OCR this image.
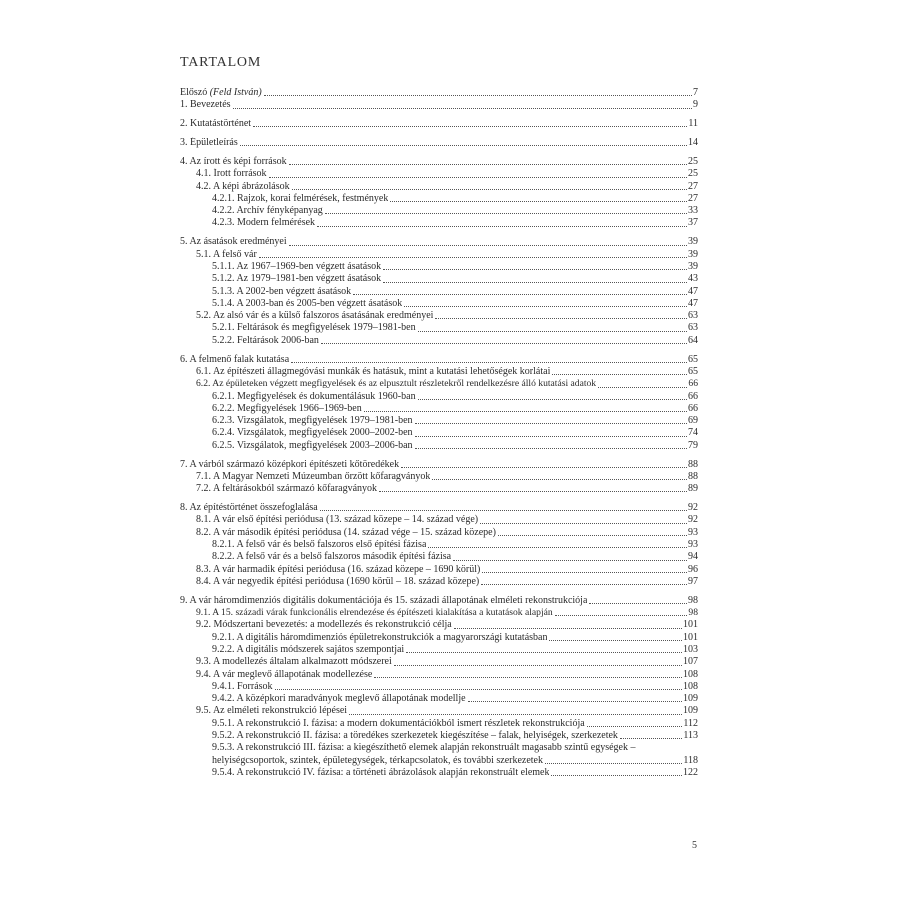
TARTALOM
Előszó (Feld István)	7
1. Bevezetés	9
2. Kutatástörténet	11
3. Épületleírás	14
4. Az írott és képi források	25
4.1. Írott források	25
4.2. A képi ábrázolások	27
4.2.1. Rajzok, korai felmérések, festmények	27
4.2.2. Archív fényképanyag	33
4.2.3. Modern felmérések	37
5. Az ásatások eredményei	39
5.1. A felső vár	39
5.1.1. Az 1967–1969-ben végzett ásatások	39
5.1.2. Az 1979–1981-ben végzett ásatások	43
5.1.3. A 2002-ben végzett ásatások	47
5.1.4. A 2003-ban és 2005-ben végzett ásatások	47
5.2. Az alsó vár és a külső falszoros ásatásának eredményei	63
5.2.1. Feltárások és megfigyelések 1979–1981-ben	63
5.2.2. Feltárások 2006-ban	64
6. A felmenő falak kutatása	65
6.1. Az építészeti állagmegóvási munkák és hatásuk, mint a kutatási lehetőségek korlátai	65
6.2. Az épületeken végzett megfigyelések és az elpusztult részletekről rendelkezésre álló kutatási adatok	66
6.2.1. Megfigyelések és dokumentálásuk 1960-ban	66
6.2.2. Megfigyelések 1966–1969-ben	66
6.2.3. Vizsgálatok, megfigyelések 1979–1981-ben	69
6.2.4. Vizsgálatok, megfigyelések 2000–2002-ben	74
6.2.5. Vizsgálatok, megfigyelések 2003–2006-ban	79
7. A várból származó középkori építészeti kőtöredékek	88
7.1. A Magyar Nemzeti Múzeumban őrzött kőfaragványok	88
7.2. A feltárásokból származó kőfaragványok	89
8. Az építéstörténet összefoglalása	92
8.1. A vár első építési periódusa (13. század közepe – 14. század vége)	92
8.2. A vár második építési periódusa (14. század vége – 15. század közepe)	93
8.2.1. A felső vár és belső falszoros első építési fázisa	93
8.2.2. A felső vár és a belső falszoros második építési fázisa	94
8.3. A vár harmadik építési periódusa (16. század közepe – 1690 körül)	96
8.4. A vár negyedik építési periódusa (1690 körül – 18. század közepe)	97
9. A vár háromdimenziós digitális dokumentációja és 15. századi állapotának elméleti rekonstrukciója	98
9.1. A 15. századi várak funkcionális elrendezése és építészeti kialakítása a kutatások alapján	98
9.2. Módszertani bevezetés: a modellezés és rekonstrukció célja	101
9.2.1. A digitális háromdimenziós épületrekonstrukciók a magyarországi kutatásban	101
9.2.2. A digitális módszerek sajátos szempontjai	103
9.3. A modellezés általam alkalmazott módszerei	107
9.4. A vár meglevő állapotának modellezése	108
9.4.1. Források	108
9.4.2. A középkori maradványok meglevő állapotának modellje	109
9.5. Az elméleti rekonstrukció lépései	109
9.5.1. A rekonstrukció I. fázisa: a modern dokumentációkból ismert részletek rekonstrukciója	112
9.5.2. A rekonstrukció II. fázisa: a töredékes szerkezetek kiegészítése – falak, helyiségek, szerkezetek	113
9.5.3. A rekonstrukció III. fázisa: a kiegészíthető elemek alapján rekonstruált magasabb szintű egységek –
helyiségcsoportok, szintek, épületegységek, térkapcsolatok, és további szerkezetek	118
9.5.4. A rekonstrukció IV. fázisa: a történeti ábrázolások alapján rekonstruált elemek	122
5
